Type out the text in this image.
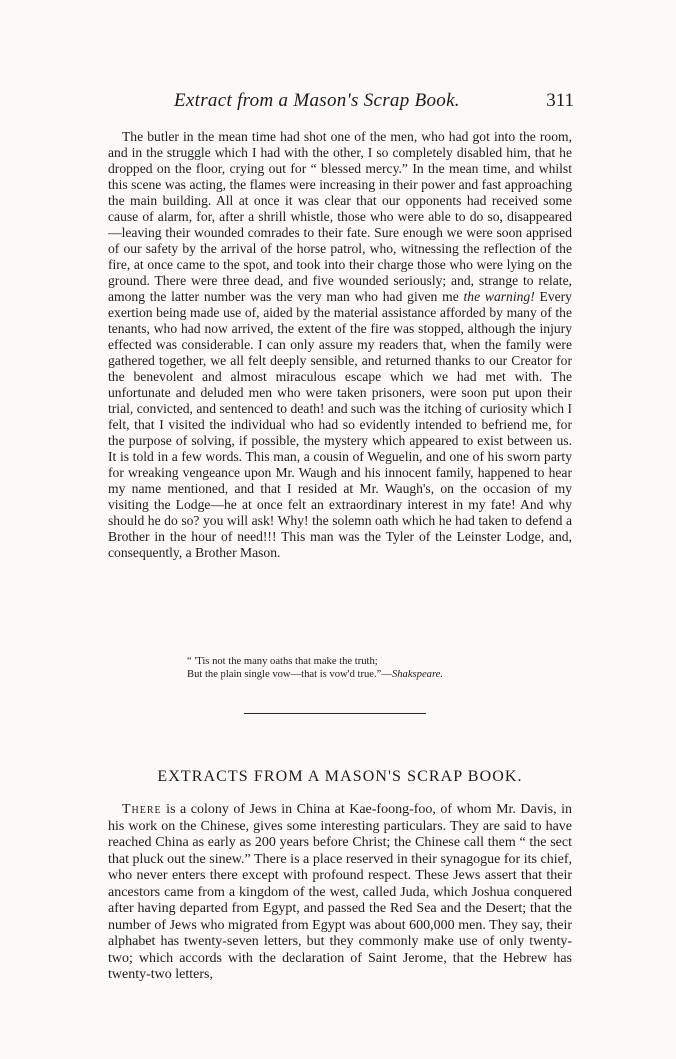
Extract from a Mason's Scrap Book.	311

The butler in the mean time had shot one of the men, who had got into the room, and in the struggle which I had with the other, I so completely disabled him, that he dropped on the floor, crying out for “ blessed mercy.” In the mean time, and whilst this scene was acting, the flames were increasing in their power and fast approaching the main building. All at once it was clear that our opponents had received some cause of alarm, for, after a shrill whistle, those who were able to do so, disappeared—leaving their wounded comrades to their fate. Sure enough we were soon apprised of our safety by the arrival of the horse patrol, who, witnessing the reflection of the fire, at once came to the spot, and took into their charge those who were lying on the ground. There were three dead, and five wounded seriously; and, strange to relate, among the latter number was the very man who had given me the warning! Every exertion being made use of, aided by the material assistance afforded by many of the tenants, who had now arrived, the extent of the fire was stopped, although the injury effected was considerable. I can only assure my readers that, when the family were gathered together, we all felt deeply sensible, and returned thanks to our Creator for the benevolent and almost miraculous escape which we had met with. The unfortunate and deluded men who were taken prisoners, were soon put upon their trial, convicted, and sentenced to death! and such was the itching of curiosity which I felt, that I visited the individual who had so evidently intended to befriend me, for the purpose of solving, if possible, the mystery which appeared to exist between us. It is told in a few words. This man, a cousin of Weguelin, and one of his sworn party for wreaking vengeance upon Mr. Waugh and his innocent family, happened to hear my name mentioned, and that I resided at Mr. Waugh's, on the occasion of my visiting the Lodge—he at once felt an extraordinary interest in my fate! And why should he do so? you will ask! Why! the solemn oath which he had taken to defend a Brother in the hour of need!!! This man was the Tyler of the Leinster Lodge, and, consequently, a Brother Mason.

“ 'Tis not the many oaths that make the truth;

But the plain single vow—that is vow'd true.”—Shakspeare.

EXTRACTS FROM A MASON'S SCRAP BOOK.

There is a colony of Jews in China at Kae-foong-foo, of whom Mr. Davis, in his work on the Chinese, gives some interesting particulars. They are said to have reached China as early as 200 years before Christ; the Chinese call them “ the sect that pluck out the sinew.” There is a place reserved in their synagogue for its chief, who never enters there except with profound respect. These Jews assert that their ancestors came from a kingdom of the west, called Juda, which Joshua conquered after having departed from Egypt, and passed the Red Sea and the Desert; that the number of Jews who migrated from Egypt was about 600,000 men. They say, their alphabet has twenty-seven letters, but they commonly make use of only twenty-two; which accords with the declaration of Saint Jerome, that the Hebrew has twenty-two letters,
